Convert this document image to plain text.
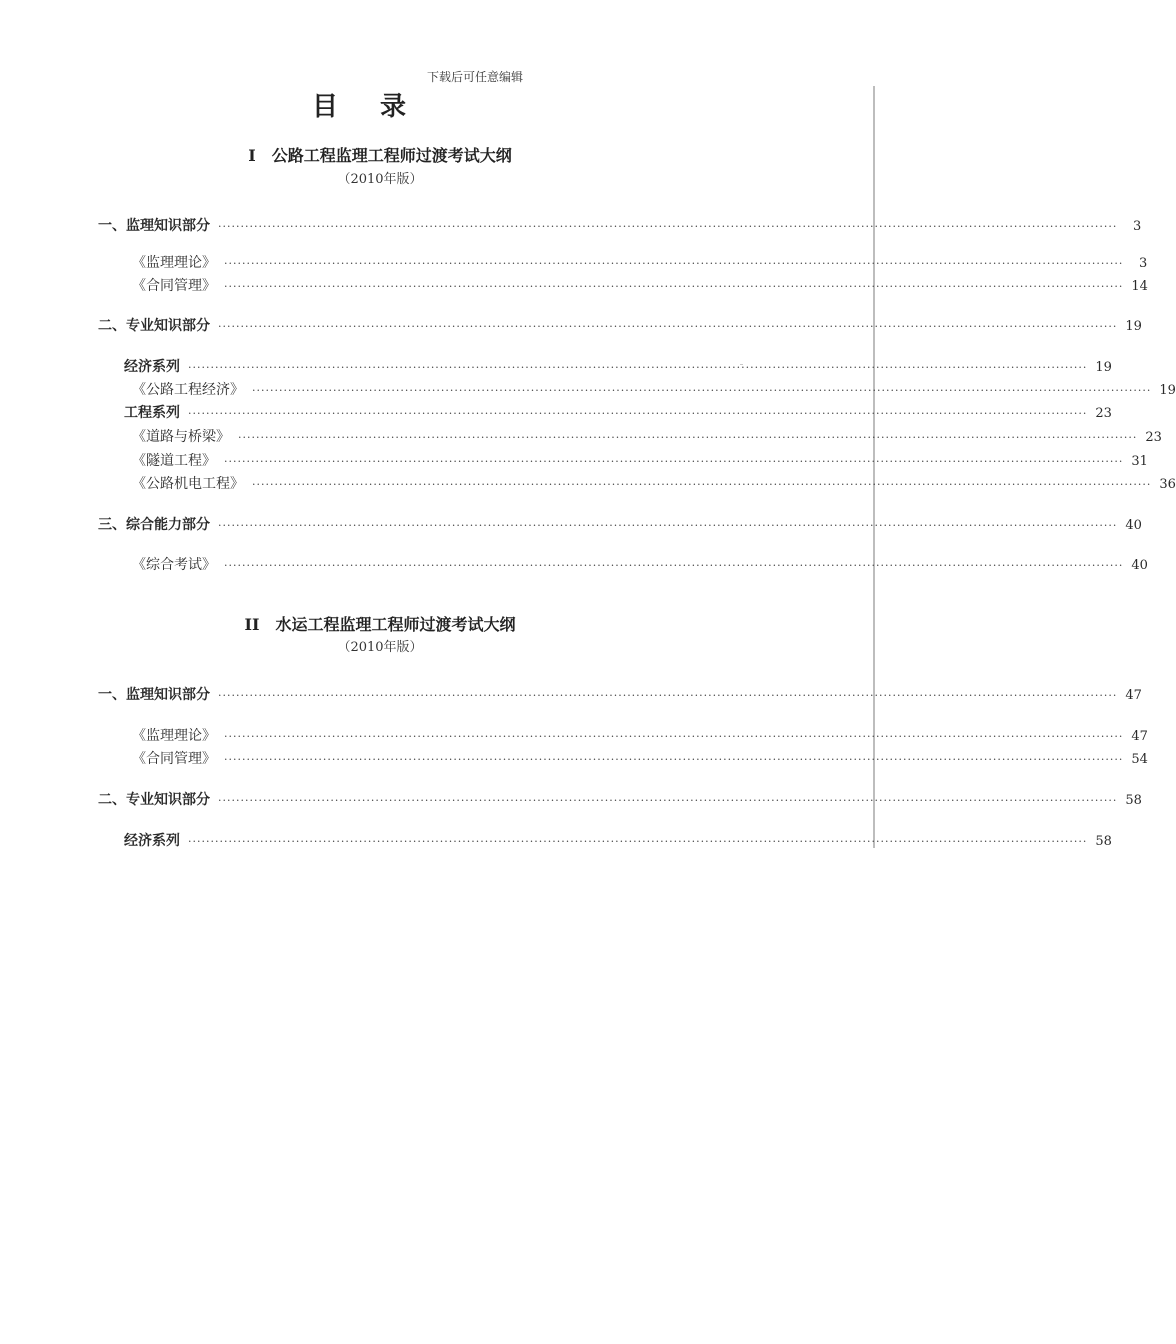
下载后可任意编辑
目录
I 公路工程监理工程师过渡考试大纲
（2010年版）
一、监理知识部分 ········································································································································································································	3
《监理理论》 ········································································································································································································	3
《合同管理》 ········································································································································································································ 14
二、专业知识部分 ········································································································································································································ 19
经济系列 ········································································································································································································ 19
《公路工程经济》 ········································································································································································································ 19
工程系列 ········································································································································································································ 23
《道路与桥梁》 ········································································································································································································ 23
《隧道工程》 ········································································································································································································ 31
《公路机电工程》 ········································································································································································································ 36
三、综合能力部分 ········································································································································································································ 40
《综合考试》 ········································································································································································································ 40
II 水运工程监理工程师过渡考试大纲
（2010年版）
一、监理知识部分 ········································································································································································································ 47
《监理理论》 ········································································································································································································ 47
《合同管理》 ········································································································································································································ 54
二、专业知识部分 ········································································································································································································ 58
经济系列 ········································································································································································································ 58
